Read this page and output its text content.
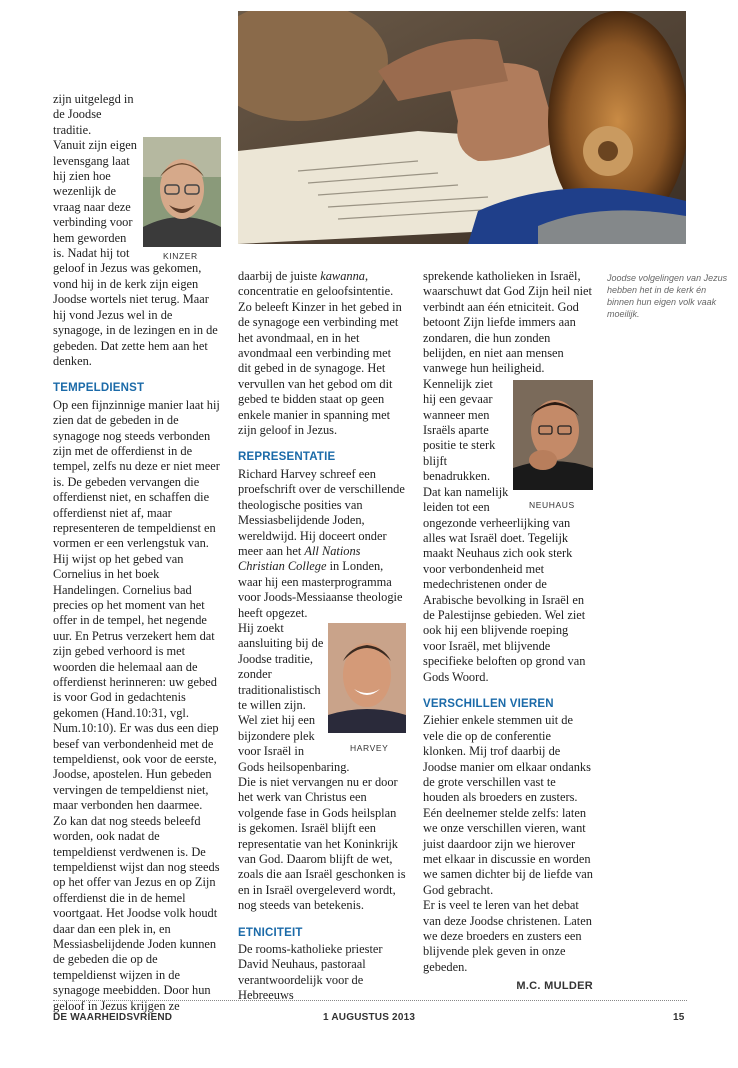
KINZER

zijn uitgelegd in de Joodse traditie.

Vanuit zijn eigen levensgang laat hij zien hoe wezenlijk de vraag naar deze verbinding voor hem geworden is. Nadat hij tot geloof in Jezus was gekomen, vond hij in de kerk zijn eigen Joodse wortels niet terug. Maar hij vond Jezus wel in de synagoge, in de lezingen en in de gebeden. Dat zette hem aan het denken.

TEMPELDIENST

Op een fijnzinnige manier laat hij zien dat de gebeden in de synagoge nog steeds verbonden zijn met de offerdienst in de tempel, zelfs nu deze er niet meer is. De gebeden vervangen die offerdienst niet, en schaffen die offerdienst niet af, maar representeren de tempeldienst en vormen er een verlengstuk van.

Hij wijst op het gebed van Cornelius in het boek Handelingen. Cornelius bad precies op het moment van het offer in de tempel, het negende uur. En Petrus verzekert hem dat zijn gebed verhoord is met woorden die helemaal aan de offerdienst herinneren: uw gebed is voor God in gedachtenis gekomen (Hand.10:31, vgl. Num.10:10). Er was dus een diep besef van verbondenheid met de tempeldienst, ook voor de eerste, Joodse, apostelen. Hun gebeden vervingen de tempeldienst niet, maar verbonden hen daarmee.

Zo kan dat nog steeds beleefd worden, ook nadat de tempeldienst verdwenen is. De tempeldienst wijst dan nog steeds op het offer van Jezus en op Zijn offerdienst die in de hemel voortgaat. Het Joodse volk houdt daar dan een plek in, en Messiasbelijdende Joden kunnen de gebeden die op de tempeldienst wijzen in de synagoge meebidden. Door hun geloof in Jezus krijgen ze

daarbij de juiste kawanna, concentratie en geloofsintentie.

Zo beleeft Kinzer in het gebed in de synagoge een verbinding met het avondmaal, en in het avondmaal een verbinding met dit gebed in de synagoge. Het vervullen van het gebod om dit gebed te bidden staat op geen enkele manier in spanning met zijn geloof in Jezus.

REPRESENTATIE

Richard Harvey schreef een proefschrift over de verschillende theologische posities van Messiasbelijdende Joden, wereldwijd. Hij doceert onder meer aan het All Nations Christian College in Londen, waar hij een masterprogramma voor Joods-Messiaanse theologie heeft opgezet.

HARVEY

Hij zoekt aansluiting bij de Joodse traditie, zonder traditionalistisch te willen zijn.

Wel ziet hij een bijzondere plek voor Israël in Gods heilsopenbaring.

Die is niet vervangen nu er door het werk van Christus een volgende fase in Gods heilsplan is gekomen. Israël blijft een representatie van het Koninkrijk van God. Daarom blijft de wet, zoals die aan Israël geschonken is en in Israël overgeleverd wordt, nog steeds van betekenis.

ETNICITEIT

De rooms-katholieke priester David Neuhaus, pastoraal verantwoordelijk voor de Hebreeuws

sprekende katholieken in Israël, waarschuwt dat God Zijn heil niet verbindt aan één etniciteit. God betoont Zijn liefde immers aan zondaren, die hun zonden belijden, en niet aan mensen vanwege hun heiligheid.

NEUHAUS

Kennelijk ziet hij een gevaar wanneer men Israëls aparte positie te sterk blijft benadrukken. Dat kan namelijk leiden tot een ongezonde verheerlijking van alles wat Israël doet. Tegelijk maakt Neuhaus zich ook sterk voor verbondenheid met medechristenen onder de Arabische bevolking in Israël en de Palestijnse gebieden. Wel ziet ook hij een blijvende roeping voor Israël, met blijvende specifieke beloften op grond van Gods Woord.

VERSCHILLEN VIEREN

Ziehier enkele stemmen uit de vele die op de conferentie klonken. Mij trof daarbij de Joodse manier om elkaar ondanks de grote verschillen vast te houden als broeders en zusters. Eén deelnemer stelde zelfs: laten we onze verschillen vieren, want juist daardoor zijn we hierover met elkaar in discussie en worden we samen dichter bij de liefde van God gebracht.

Er is veel te leren van het debat van deze Joodse christenen. Laten we deze broeders en zusters een blijvende plek geven in onze gebeden.

M.C. MULDER
Joodse volgelingen van Jezus hebben het in de kerk én binnen hun eigen volk vaak moeilijk.
DE WAARHEIDSVRIEND	1 AUGUSTUS 2013	15
